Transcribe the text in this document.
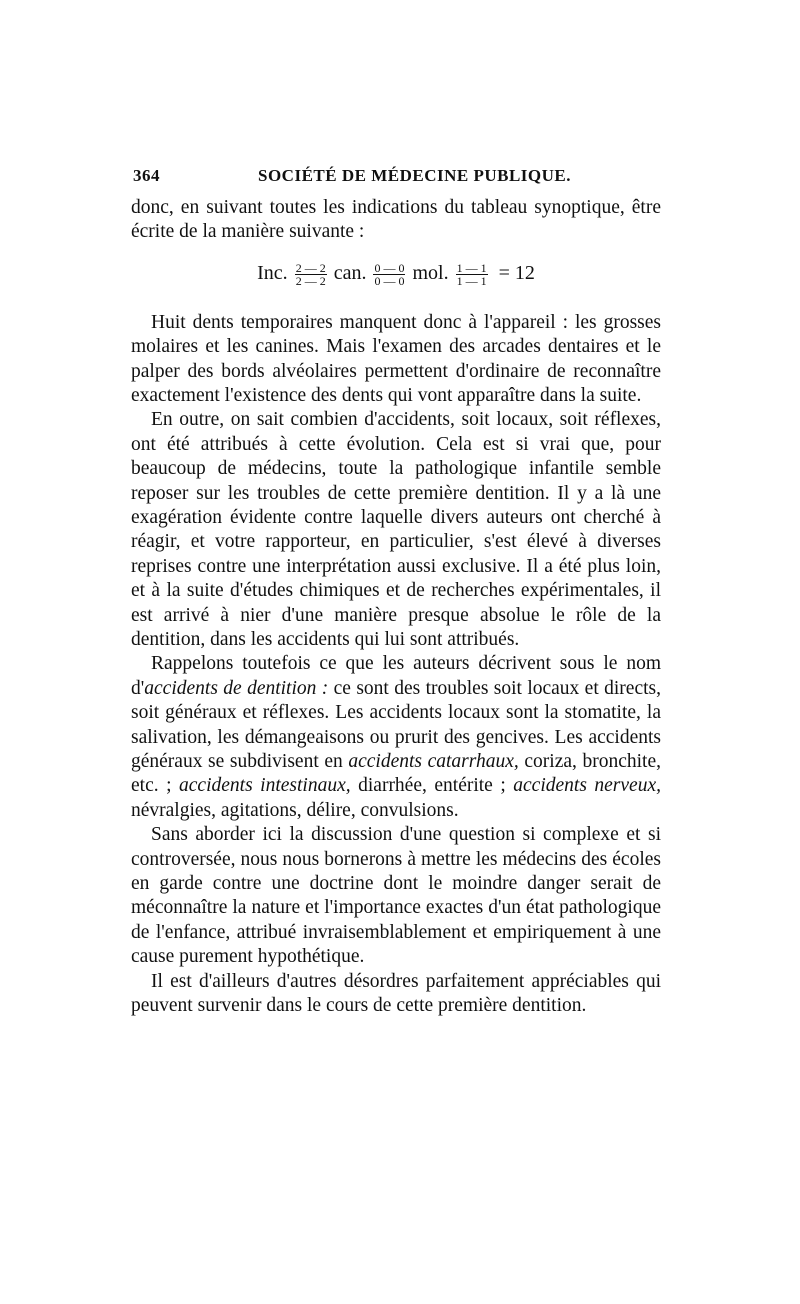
364	SOCIÉTÉ DE MÉDECINE PUBLIQUE.

donc, en suivant toutes les indications du tableau synoptique, être écrite de la manière suivante :

Inc. $\frac{2 — 2}{2 — 2}$ can. $\frac{0 — 0}{0 — 0}$ mol. $\frac{1 — 1}{1 — 1} = 12$

Huit dents temporaires manquent donc à l'appareil : les grosses molaires et les canines. Mais l'examen des arcades dentaires et le palper des bords alvéolaires permettent d'ordinaire de reconnaître exactement l'existence des dents qui vont apparaître dans la suite.

En outre, on sait combien d'accidents, soit locaux, soit réflexes, ont été attribués à cette évolution. Cela est si vrai que, pour beaucoup de médecins, toute la pathologique infantile semble reposer sur les troubles de cette première dentition. Il y a là une exagération évidente contre laquelle divers auteurs ont cherché à réagir, et votre rapporteur, en particulier, s'est élevé à diverses reprises contre une interprétation aussi exclusive. Il a été plus loin, et à la suite d'études chimiques et de recherches expérimentales, il est arrivé à nier d'une manière presque absolue le rôle de la dentition, dans les accidents qui lui sont attribués.

Rappelons toutefois ce que les auteurs décrivent sous le nom d'accidents de dentition : ce sont des troubles soit locaux et directs, soit généraux et réflexes. Les accidents locaux sont la stomatite, la salivation, les démangeaisons ou prurit des gencives. Les accidents généraux se subdivisent en accidents catarrhaux, coriza, bronchite, etc. ; accidents intestinaux, diarrhée, entérite ; accidents nerveux, névralgies, agitations, délire, convulsions.

Sans aborder ici la discussion d'une question si complexe et si controversée, nous nous bornerons à mettre les médecins des écoles en garde contre une doctrine dont le moindre danger serait de méconnaître la nature et l'importance exactes d'un état pathologique de l'enfance, attribué invraisemblablement et empiriquement à une cause purement hypothétique.

Il est d'ailleurs d'autres désordres parfaitement appréciables qui peuvent survenir dans le cours de cette première dentition.
